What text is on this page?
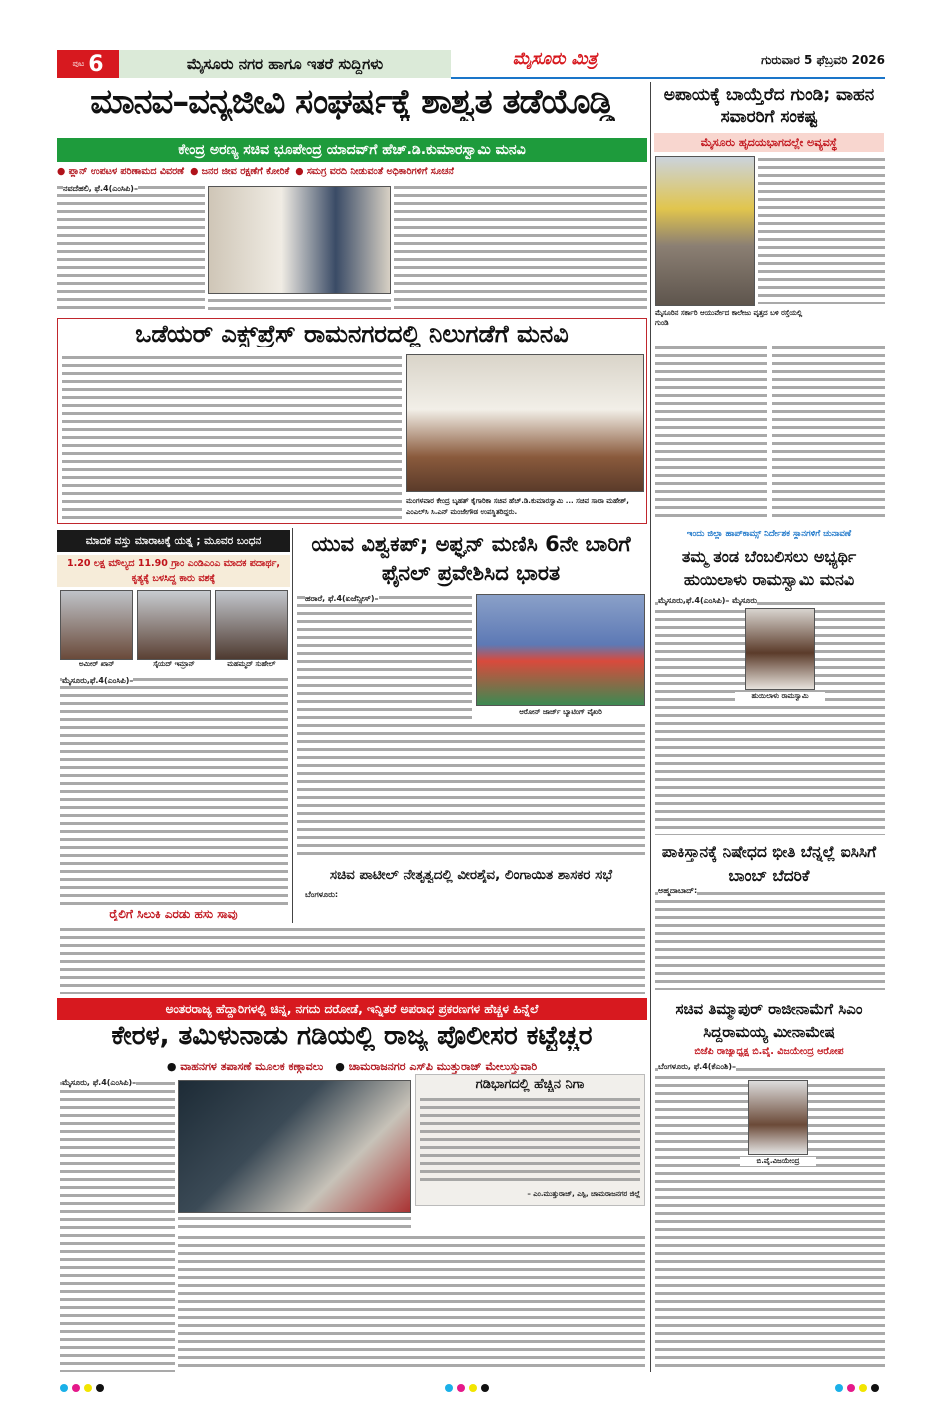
ಪುಟ 6	ಮೈಸೂರು ನಗರ ಹಾಗೂ ಇತರೆ ಸುದ್ದಿಗಳು	ಮೈಸೂರು ಮಿತ್ರ	ಗುರುವಾರ 5 ಫೆಬ್ರವರಿ 2026
ಮಾನವ–ವನ್ಯಜೀವಿ ಸಂಘರ್ಷಕ್ಕೆ ಶಾಶ್ವತ ತಡೆಯೊಡ್ಡಿ
ಕೇಂದ್ರ ಅರಣ್ಯ ಸಚಿವ ಭೂಪೇಂದ್ರ ಯಾದವ್‌ಗೆ ಹೆಚ್.ಡಿ.ಕುಮಾರಸ್ವಾಮಿ ಮನವಿ
● ಪ್ಲಾನ್ ಉಪಟಳ ಪರಿಣಾಮದ ವಿವರಣೆ ● ಜನರ ಜೀವ ರಕ್ಷಣೆಗೆ ಕೋರಿಕೆ ● ಸಮಗ್ರ ವರದಿ ನೀಡುವಂತೆ ಅಧಿಕಾರಿಗಳಿಗೆ ಸೂಚನೆ
ನವದೆಹಲಿ, ಫೆ.4(ಎಂಸಿಪಿ)–
ಒಡೆಯರ್ ಎಕ್ಸ್‌ಪ್ರೆಸ್ ರಾಮನಗರದಲ್ಲಿ ನಿಲುಗಡೆಗೆ ಮನವಿ
ಮಂಗಳವಾರ ಕೇಂದ್ರ ಬೃಹತ್ ಕೈಗಾರಿಕಾ ಸಚಿವ ಹೆಚ್.ಡಿ.ಕುಮಾರಸ್ವಾಮಿ ... ಸಚಿವ ಸಾರಾ ಮಹೇಶ್, ಎಂಎಲ್‌ಸಿ ಸಿ.ಎನ್ ಮಂಜೇಗೌಡ ಉಪಸ್ಥಿತರಿದ್ದರು.
ಅಪಾಯಕ್ಕೆ ಬಾಯ್ತೆರೆದ ಗುಂಡಿ; ವಾಹನ ಸವಾರರಿಗೆ ಸಂಕಷ್ಟ
ಮೈಸೂರು ಹೃದಯಭಾಗದಲ್ಲೇ ಅವ್ಯವಸ್ಥೆ
ಮೈಸೂರಿನ ಸರ್ಕಾರಿ ಆಯುರ್ವೇದ ಕಾಲೇಜು ವೃತ್ತದ ಬಳಿ ರಸ್ತೆಯಲ್ಲಿ ಗುಂಡಿ
ಮಾದಕ ವಸ್ತು ಮಾರಾಟಕ್ಕೆ ಯತ್ನ ; ಮೂವರ ಬಂಧನ
1.20 ಲಕ್ಷ ಮೌಲ್ಯದ 11.90 ಗ್ರಾಂ ಎಂಡಿಎಂಎ ಮಾದಕ ಪದಾರ್ಥ, ಕೃತ್ಯಕ್ಕೆ ಬಳಸಿದ್ದ ಕಾರು ವಶಕ್ಕೆ
ಅಮೀರ್ ಖಾನ್	ಸೈಯದ್ ಇಮ್ರಾನ್	ಮಹಮ್ಮದ್ ಸುಹೇಲ್
ಮೈಸೂರು,ಫೆ.4(ಎಂಸಿಪಿ)–
ರೈಲಿಗೆ ಸಿಲುಕಿ ಎರಡು ಹಸು ಸಾವು
ಯುವ ವಿಶ್ವಕಪ್; ಅಫ್ಘನ್ ಮಣಿಸಿ 6ನೇ ಬಾರಿಗೆ ಫೈನಲ್ ಪ್ರವೇಶಿಸಿದ ಭಾರತ
ಹರಾರೆ, ಫೆ.4(ಏಜೆನ್ಸೀಸ್)–
ಆರೋನ್ ಜಾರ್ಜ್ ಬ್ಯಾಟಿಂಗ್ ವೈಖರಿ
ಸಚಿವ ಪಾಟೀಲ್ ನೇತೃತ್ವದಲ್ಲಿ ವೀರಶೈವ, ಲಿಂಗಾಯಿತ ಶಾಸಕರ ಸಭೆ
ಬೆಂಗಳೂರು:
ಇಂದು ಜಿಲ್ಲಾ ಹಾಪ್‌ಕಾಮ್ಸ್ ನಿರ್ದೇಶಕ ಸ್ಥಾನಗಳಿಗೆ ಚುನಾವಣೆ
ತಮ್ಮ ತಂಡ ಬೆಂಬಲಿಸಲು ಅಭ್ಯರ್ಥಿ ಹುಯಿಲಾಳು ರಾಮಸ್ವಾಮಿ ಮನವಿ
ಮೈಸೂರು,ಫೆ.4(ಎಂಸಿಪಿ)– ಮೈಸೂರು
ಹುಯಿಲಾಳು ರಾಮಸ್ವಾಮಿ
ಪಾಕಿಸ್ತಾನಕ್ಕೆ ನಿಷೇಧದ ಭೀತಿ ಬೆನ್ನಲ್ಲೆ ಐಸಿಸಿಗೆ ಬಾಂಬ್ ಬೆದರಿಕೆ
ಅಹ್ಮದಾಬಾದ್:
ಸಚಿವ ತಿಮ್ಮಾಪುರ್ ರಾಜೀನಾಮೆಗೆ ಸಿಎಂ ಸಿದ್ದರಾಮಯ್ಯ ಮೀನಾಮೇಷ
ಬಿಜೆಪಿ ರಾಜ್ಯಾಧ್ಯಕ್ಷ ಬಿ.ವೈ. ವಿಜಯೇಂದ್ರ ಆರೋಪ
ಬೆಂಗಳೂರು, ಫೆ.4(ಕೆಎಂಶಿ)–
ಬಿ.ವೈ.ವಿಜಯೇಂದ್ರ
ಅಂತರರಾಜ್ಯ ಹೆದ್ದಾರಿಗಳಲ್ಲಿ ಚಿನ್ನ, ನಗದು ದರೋಡೆ, ಇನ್ನಿತರೆ ಅಪರಾಧ ಪ್ರಕರಣಗಳ ಹೆಚ್ಚಳ ಹಿನ್ನೆಲೆ
ಕೇರಳ, ತಮಿಳುನಾಡು ಗಡಿಯಲ್ಲಿ ರಾಜ್ಯ ಪೊಲೀಸರ ಕಟ್ಟೆಚ್ಚರ
● ವಾಹನಗಳ ತಪಾಸಣೆ ಮೂಲಕ ಕಣ್ಗಾವಲು ● ಚಾಮರಾಜನಗರ ಎಸ್‌ಪಿ ಮುತ್ತುರಾಜ್ ಮೇಲುಸ್ತುವಾರಿ
ಮೈಸೂರು, ಫೆ.4(ಎಂಸಿಪಿ)–	ಗಡಿಭಾಗದಲ್ಲಿ ಹೆಚ್ಚಿನ ನಿಗಾ
– ಎಂ.ಮುತ್ತುರಾಜ್, ಎಸ್ಪಿ, ಚಾಮರಾಜನಗರ ಜಿಲ್ಲೆ
